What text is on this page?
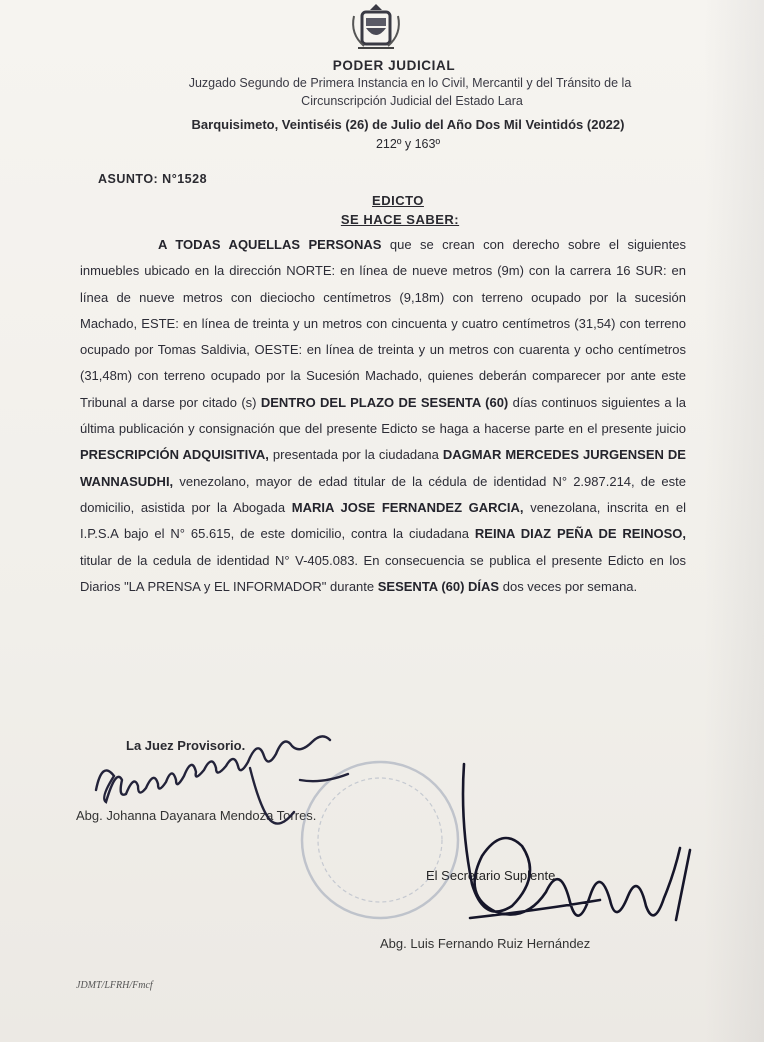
PODER JUDICIAL
Juzgado Segundo de Primera Instancia en lo Civil, Mercantil y del Tránsito de la
Circunscripción Judicial del Estado Lara
Barquisimeto, Veintiséis (26) de Julio del Año Dos Mil Veintidós (2022)
212º y 163º
ASUNTO: N°1528
EDICTO
SE HACE SABER:
A TODAS AQUELLAS PERSONAS que se crean con derecho sobre el siguientes inmuebles ubicado en la dirección NORTE: en línea de nueve metros (9m) con la carrera 16 SUR: en línea de nueve metros con dieciocho centímetros (9,18m) con terreno ocupado por la sucesión Machado, ESTE: en línea de treinta y un metros con cincuenta y cuatro centímetros (31,54) con terreno ocupado por Tomas Saldivia, OESTE: en línea de treinta y un metros con cuarenta y ocho centímetros (31,48m) con terreno ocupado por la Sucesión Machado, quienes deberán comparecer por ante este Tribunal a darse por citado (s) DENTRO DEL PLAZO DE SESENTA (60) días continuos siguientes a la última publicación y consignación que del presente Edicto se haga a hacerse parte en el presente juicio PRESCRIPCIÓN ADQUISITIVA, presentada por la ciudadana DAGMAR MERCEDES JURGENSEN DE WANNASUDHI, venezolano, mayor de edad titular de la cédula de identidad N° 2.987.214, de este domicilio, asistida por la Abogada MARIA JOSE FERNANDEZ GARCIA, venezolana, inscrita en el I.P.S.A bajo el N° 65.615, de este domicilio, contra la ciudadana REINA DIAZ PEÑA DE REINOSO, titular de la cedula de identidad N° V-405.083. En consecuencia se publica el presente Edicto en los Diarios "LA PRENSA y EL INFORMADOR" durante SESENTA (60) DÍAS dos veces por semana.
La Juez Provisorio.
Abg. Johanna Dayanara Mendoza Torres.
El Secretario Suplente
Abg. Luis Fernando Ruiz Hernández
JDMT/LFRH/Fmcf
